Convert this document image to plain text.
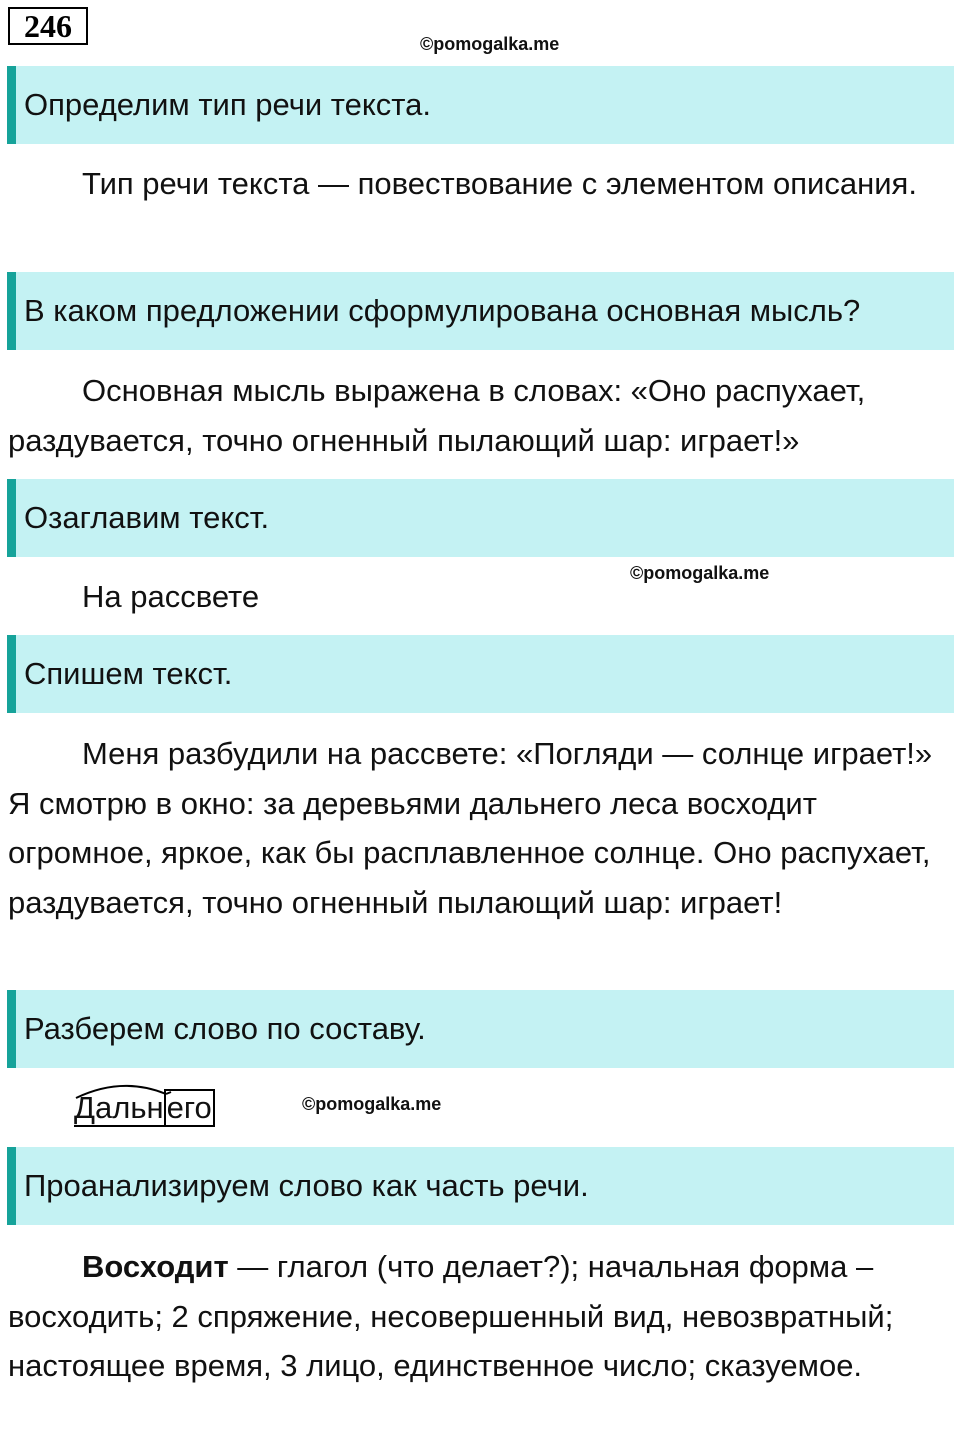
246	©pomogalka.me
Определим тип речи текста.

Тип речи текста — повествование с элементом описания.

В каком предложении сформулирована основная мысль?

Основная мысль выражена в словах: «Оно распухает, раздувается, точно огненный пылающий шар: играет!»

Озаглавим текст.
На рассвете
©pomogalka.me
Спишем текст.

Меня разбудили на рассвете: «Погляди — солнце играет!» Я смотрю в окно: за деревьями дальнего леса восходит огромное, яркое, как бы расплавленное солнце. Оно распухает, раздувается, точно огненный пылающий шар: играет!

Разберем слово по составу.
Дальнего	©pomogalka.me
Проанализируем слово как часть речи.

Восходит — глагол (что делает?); начальная форма – восходить; 2 спряжение, несовершенный вид, невозвратный; настоящее время, 3 лицо, единственное число; сказуемое.
